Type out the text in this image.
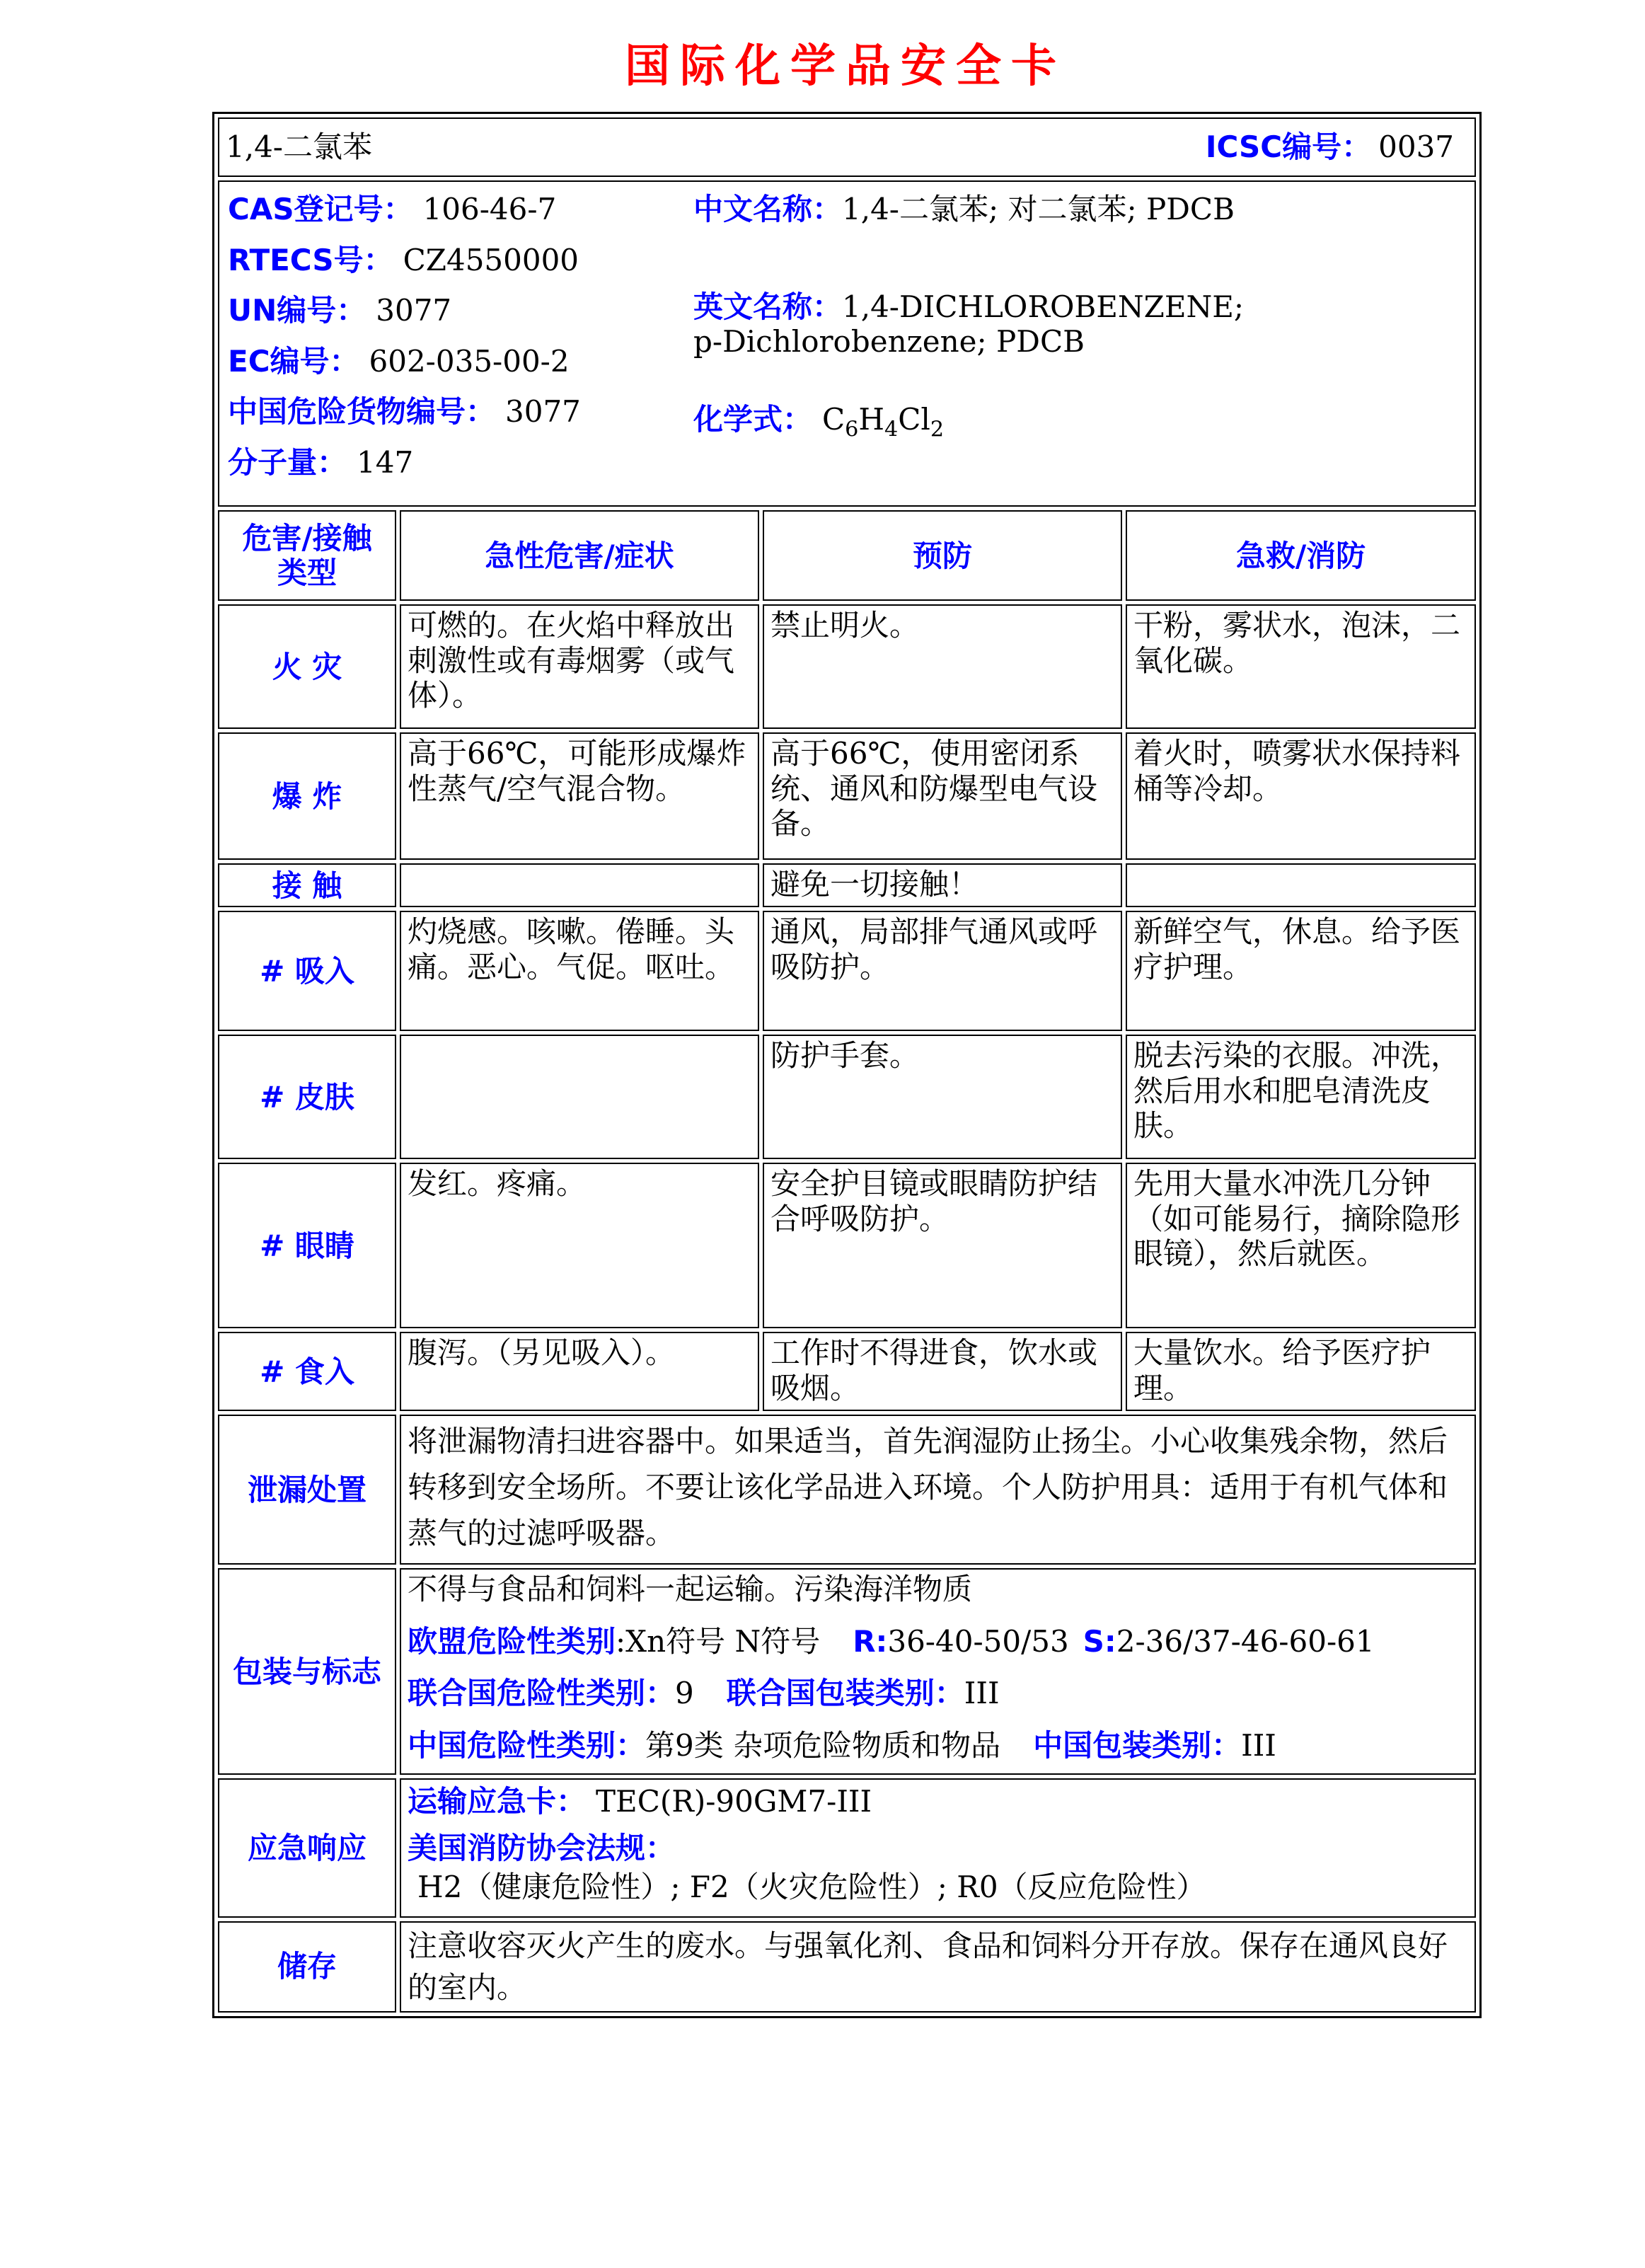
国际化学品安全卡
1,4-二氯苯 ICSC编号： 0037			

CAS登记号： 106-46-7
RTECS号： CZ4550000
UN编号： 3077
EC编号： 602-035-00-2
中国危险货物编号： 3077
分子量： 147
中文名称：1,4-二氯苯; 对二氯苯; PDCB
英文名称：1,4-DICHLOROBENZENE; p-Dichlorobenzene; PDCB
化学式： $C_6H_4Cl_2$

危害/接触
类型	急性危害/症状	预防	急救/消防
火 灾	可燃的。在火焰中释放出刺激性或有毒烟雾（或气体）。	禁止明火。	干粉，雾状水，泡沫，二氧化碳。
爆 炸	高于66℃，可能形成爆炸性蒸气/空气混合物。	高于66℃，使用密闭系统、通风和防爆型电气设备。	着火时，喷雾状水保持料桶等冷却。
接 触		避免一切接触！	
# 吸入	灼烧感。咳嗽。倦睡。头痛。恶心。气促。呕吐。	通风，局部排气通风或呼吸防护。	新鲜空气，休息。给予医疗护理。
# 皮肤		防护手套。	脱去污染的衣服。冲洗，然后用水和肥皂清洗皮肤。
# 眼睛	发红。疼痛。	安全护目镜或眼睛防护结合呼吸防护。	先用大量水冲洗几分钟（如可能易行，摘除隐形眼镜），然后就医。
# 食入	腹泻。（另见吸入）。	工作时不得进食，饮水或吸烟。	大量饮水。给予医疗护理。
泄漏处置	将泄漏物清扫进容器中。如果适当，首先润湿防止扬尘。小心收集残余物，然后转移到安全场所。不要让该化学品进入环境。个人防护用具：适用于有机气体和蒸气的过滤呼吸器。		
包装与标志	不得与食品和饲料一起运输。污染海洋物质
欧盟危险性类别:Xn符号 N符号 R:36-40-50/53 S:2-36/37-46-60-61
联合国危险性类别：9 联合国包装类别：III
中国危险性类别：第9类 杂项危险物质和物品 中国包装类别：III		

应急响应	运输应急卡： TEC(R)-90GM7-III
美国消防协会法规：H2（健康危险性）; F2（火灾危险性）; R0（反应危险性）		

储存	注意收容灭火产生的废水。与强氧化剂、食品和饲料分开存放。保存在通风良好的室内。		
